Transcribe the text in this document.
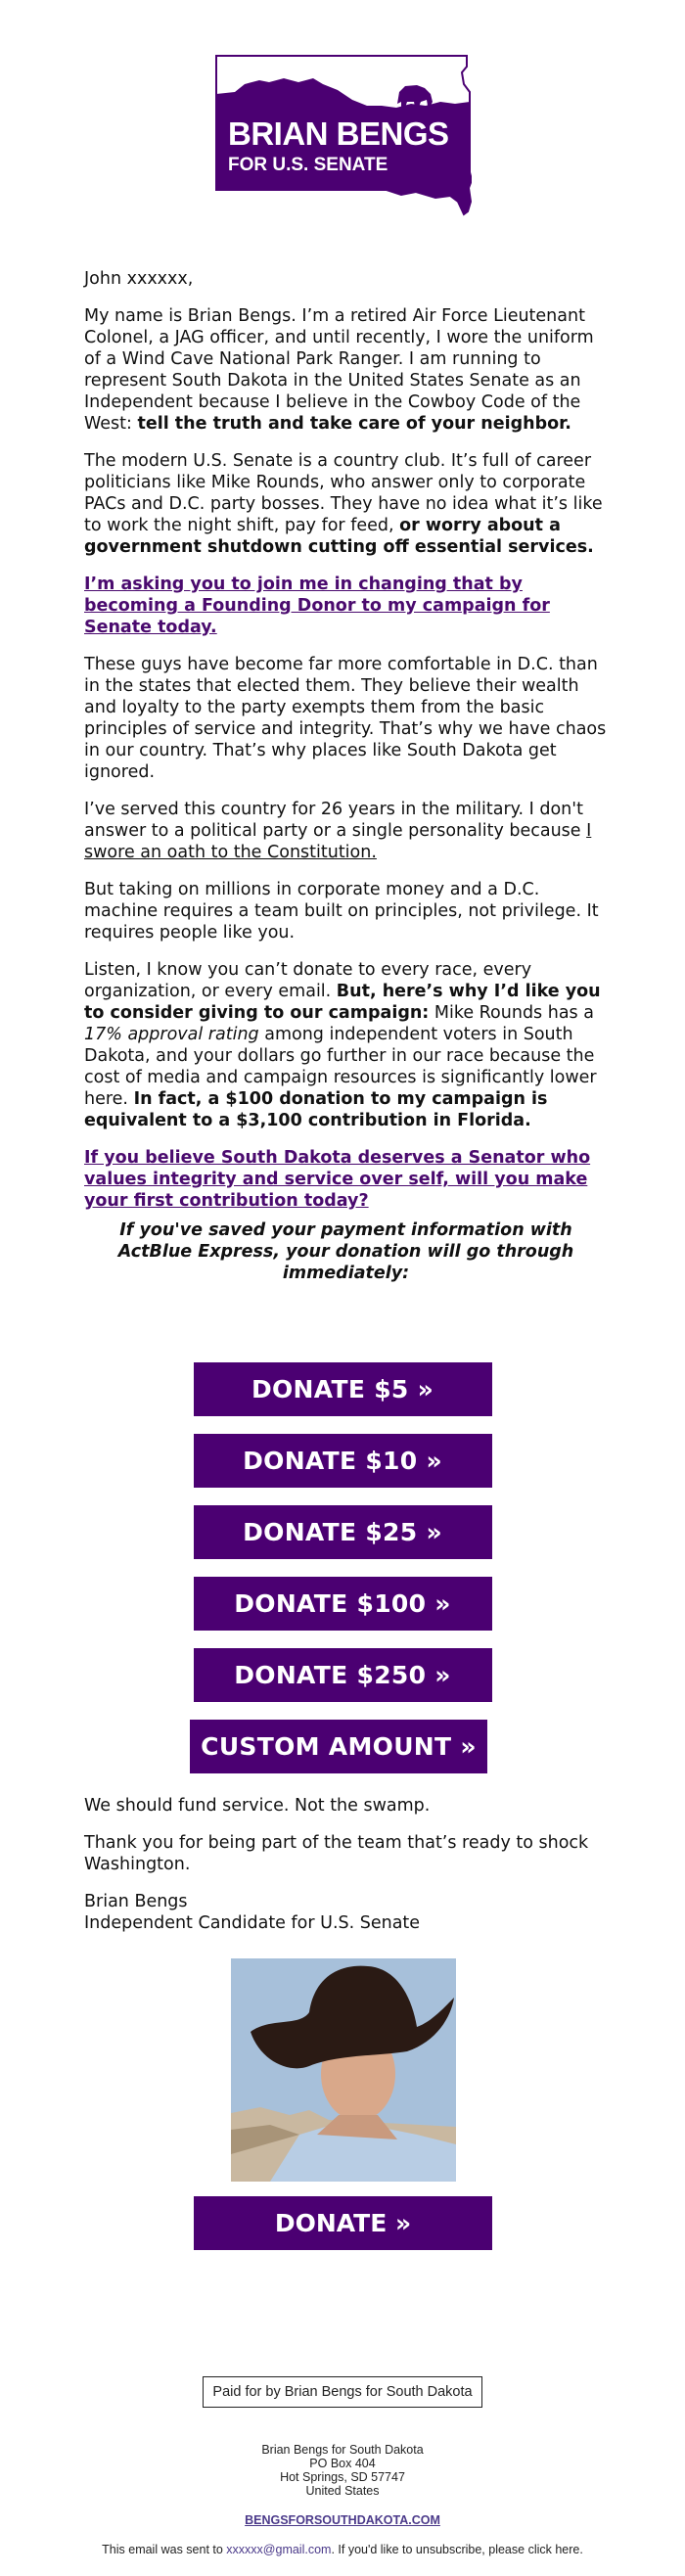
BRIAN BENGS
FOR U.S. SENATE

John xxxxxx,

My name is Brian Bengs. I’m a retired Air Force Lieutenant Colonel, a JAG officer, and until recently, I wore the uniform of a Wind Cave National Park Ranger. I am running to represent South Dakota in the United States Senate as an Independent because I believe in the Cowboy Code of the West: tell the truth and take care of your neighbor.

The modern U.S. Senate is a country club. It’s full of career politicians like Mike Rounds, who answer only to corporate PACs and D.C. party bosses. They have no idea what it’s like to work the night shift, pay for feed, or worry about a government shutdown cutting off essential services.

I’m asking you to join me in changing that by becoming a Founding Donor to my campaign for Senate today.

These guys have become far more comfortable in D.C. than in the states that elected them. They believe their wealth and loyalty to the party exempts them from the basic principles of service and integrity. That’s why we have chaos in our country. That’s why places like South Dakota get ignored.

I’ve served this country for 26 years in the military. I don't answer to a political party or a single personality because I swore an oath to the Constitution.

But taking on millions in corporate money and a D.C. machine requires a team built on principles, not privilege. It requires people like you.

Listen, I know you can’t donate to every race, every organization, or every email. But, here’s why I’d like you to consider giving to our campaign: Mike Rounds has a 17% approval rating among independent voters in South Dakota, and your dollars go further in our race because the cost of media and campaign resources is significantly lower here. In fact, a $100 donation to my campaign is equivalent to a $3,100 contribution in Florida.

If you believe South Dakota deserves a Senator who values integrity and service over self, will you make your first contribution today?

If you've saved your payment information with ActBlue Express, your donation will go through immediately:

DONATE $5 »
DONATE $10 »
DONATE $25 »
DONATE $100 »
DONATE $250 »
CUSTOM AMOUNT »

We should fund service. Not the swamp.

Thank you for being part of the team that’s ready to shock Washington.

Brian Bengs
Independent Candidate for U.S. Senate

DONATE »
Paid for by Brian Bengs for South Dakota
Brian Bengs for South Dakota
PO Box 404
Hot Springs, SD 57747
United States
BENGSFORSOUTHDAKOTA.COM
This email was sent to xxxxxx@gmail.com. If you'd like to unsubscribe, please click here.
